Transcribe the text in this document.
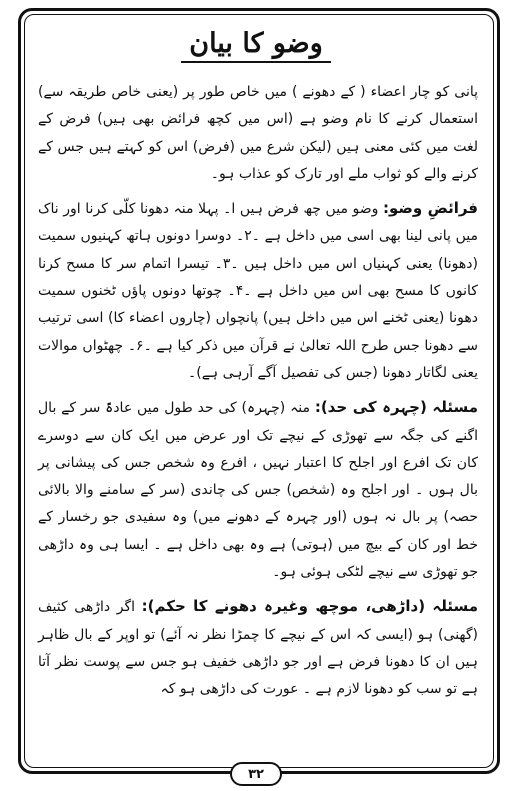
وضو کا بیان

پانی کو چار اعضاء ( کے دھونے ) میں خاص طور پر (یعنی خاص طریقہ سے) استعمال کرنے کا نام وضو ہے (اس میں کچھ فرائض بھی ہیں) فرض کے لغت میں کئی معنی ہیں (لیکن شرع میں (فرض) اس کو کہتے ہیں جس کے کرنے والے کو ثواب ملے اور تارک کو عذاب ہو۔

فرائضِ وضو: وضو میں چھ فرض ہیں ا۔ پہلا منہ دھونا کلّی کرنا اور ناک میں پانی لینا بھی اسی میں داخل ہے ۔۲۔ دوسرا دونوں ہاتھ کہنیوں سمیت (دھونا) یعنی کہنیاں اس میں داخل ہیں ۔۳۔ تیسرا اتمام سر کا مسح کرنا کانوں کا مسح بھی اس میں داخل ہے ۔۴۔ چوتھا دونوں پاؤں ٹخنوں سمیت دھونا (یعنی ٹخنے اس میں داخل ہیں) پانچواں (چاروں اعضاء کا) اسی ترتیب سے دھونا جس طرح اللہ تعالیٰ نے قرآن میں ذکر کیا ہے ۔۶۔ چھٹواں موالات یعنی لگاتار دھونا (جس کی تفصیل آگے آرہی ہے)۔

مسئلہ (چہرہ کی حد): منہ (چہرہ) کی حد طول میں عادۃً سر کے بال اگنے کی جگہ سے تھوڑی کے نیچے تک اور عرض میں ایک کان سے دوسرے کان تک افرع اور اجلح کا اعتبار نہیں ، افرع وہ شخص جس کی پیشانی پر بال ہوں ۔ اور اجلح وہ (شخص) جس کی چاندی (سر کے سامنے والا بالائی حصہ) پر بال نہ ہوں (اور چہرہ کے دھونے میں) وہ سفیدی جو رخسار کے خط اور کان کے بیچ میں (ہوتی) ہے وہ بھی داخل ہے ۔ ایسا ہی وہ داڑھی جو تھوڑی سے نیچے لٹکی ہوئی ہو۔

مسئلہ (داڑھی، موچھ وغیرہ دھونے کا حکم): اگر داڑھی کثیف (گھنی) ہو (ایسی کہ اس کے نیچے کا چمڑا نظر نہ آئے) تو اوپر کے بال ظاہر ہیں ان کا دھونا فرض ہے اور جو داڑھی خفیف ہو جس سے پوست نظر آتا ہے تو سب کو دھونا لازم ہے ۔ عورت کی داڑھی ہو کہ

۳۲
